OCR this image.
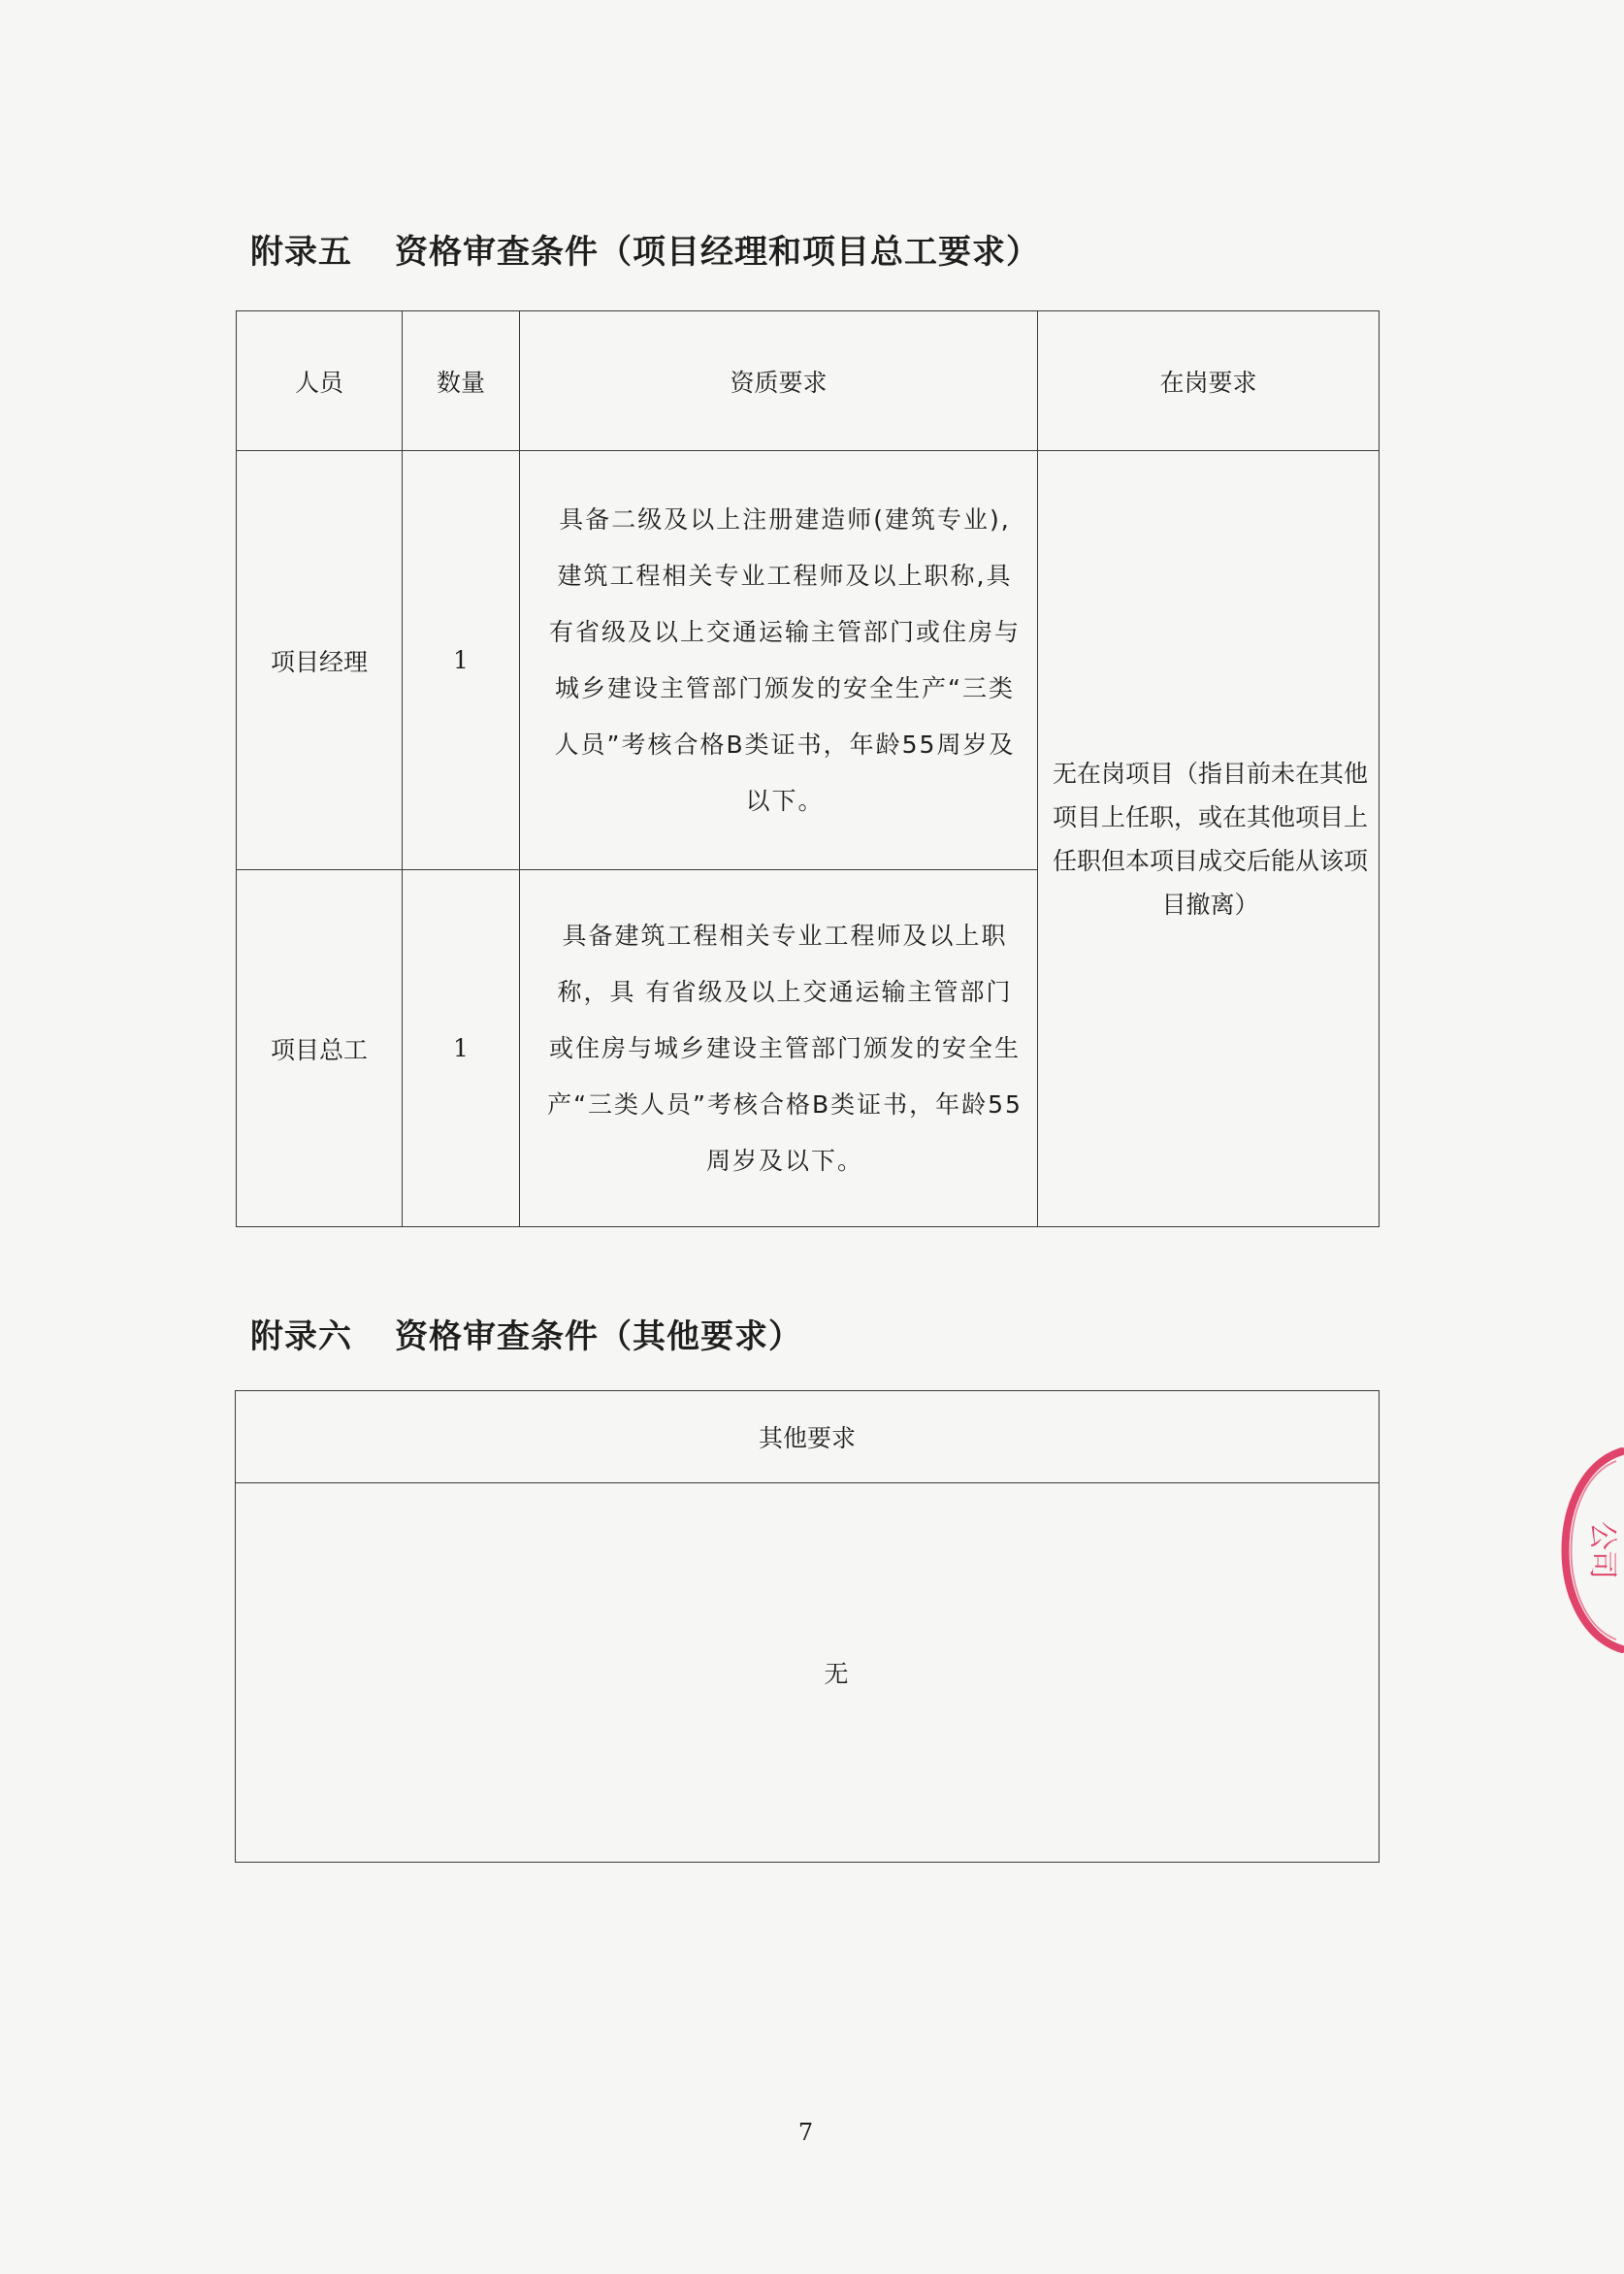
附录五 资格审查条件（项目经理和项目总工要求）
人员	数量	资质要求	在岗要求
项目经理	1	具备二级及以上注册建造师(建筑专业),建筑工程相关专业工程师及以上职称,具有省级及以上交通运输主管部门或住房与城乡建设主管部门颁发的安全生产“三类人员”考核合格B类证书，年龄55周岁及以下。	无在岗项目（指目前未在其他项目上任职，或在其他项目上任职但本项目成交后能从该项目撤离）
项目总工	1	具备建筑工程相关专业工程师及以上职称，具 有省级及以上交通运输主管部门或住房与城乡建设主管部门颁发的安全生产“三类人员”考核合格B类证书，年龄55周岁及以下。	
附录六 资格审查条件（其他要求）
其他要求
无
7
公司
